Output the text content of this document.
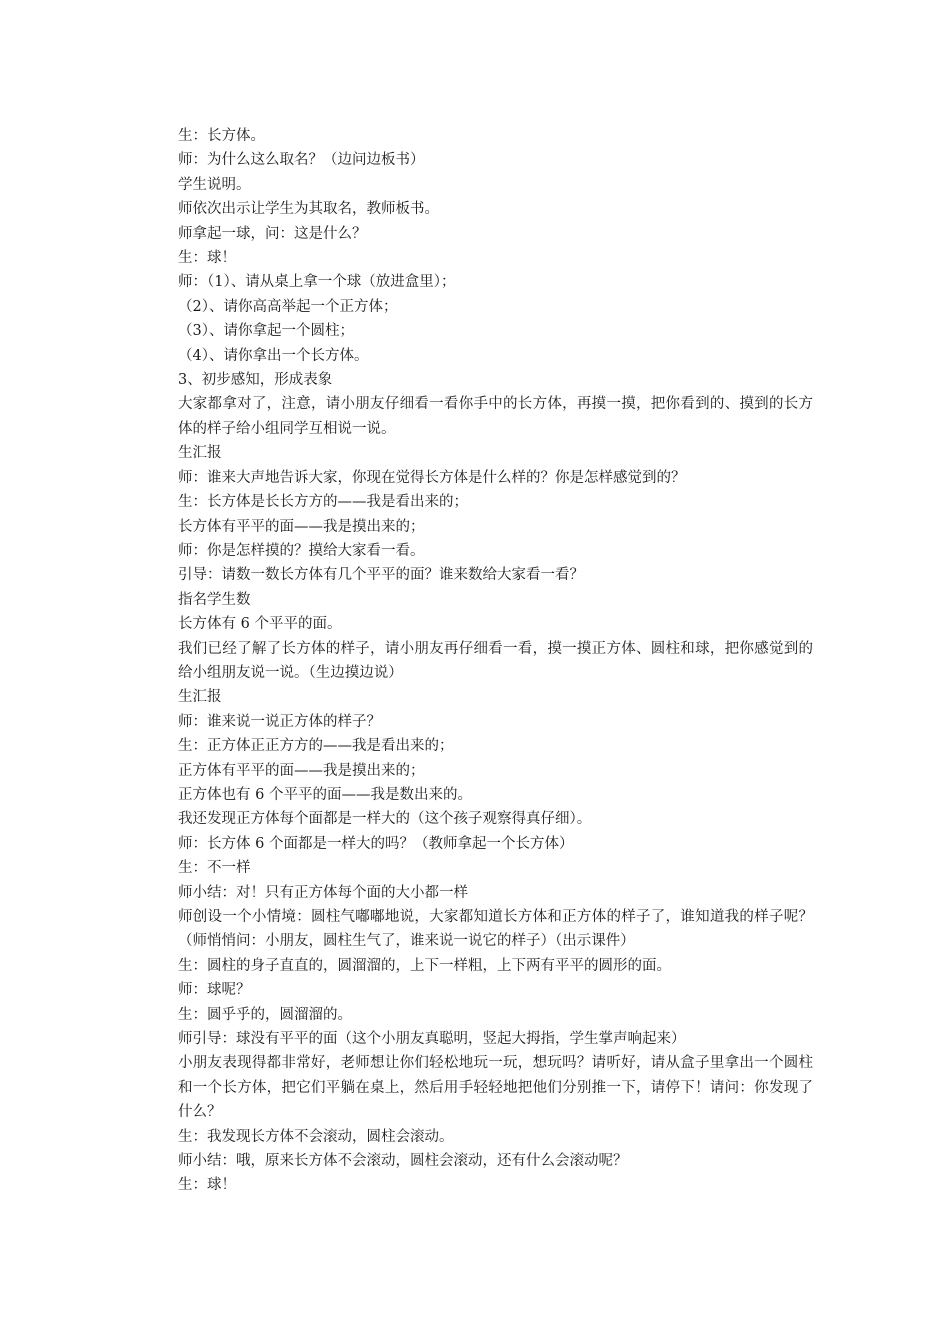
生：长方体。

师：为什么这么取名？（边问边板书）

学生说明。

师依次出示让学生为其取名，教师板书。

师拿起一球，问：这是什么？

生：球！

师：（1）、请从桌上拿一个球（放进盒里）；

（2）、请你高高举起一个正方体；

（3）、请你拿起一个圆柱；

（4）、请你拿出一个长方体。

3、初步感知，形成表象

大家都拿对了，注意，请小朋友仔细看一看你手中的长方体，再摸一摸，把你看到的、摸到的长方体的样子给小组同学互相说一说。

生汇报

师：谁来大声地告诉大家，你现在觉得长方体是什么样的？你是怎样感觉到的？

生：长方体是长长方方的——我是看出来的；

长方体有平平的面——我是摸出来的；

师：你是怎样摸的？摸给大家看一看。

引导：请数一数长方体有几个平平的面？谁来数给大家看一看？

指名学生数

长方体有 6 个平平的面。

我们已经了解了长方体的样子，请小朋友再仔细看一看，摸一摸正方体、圆柱和球，把你感觉到的给小组朋友说一说。（生边摸边说）

生汇报

师：谁来说一说正方体的样子？

生：正方体正正方方的——我是看出来的；

正方体有平平的面——我是摸出来的；

正方体也有 6 个平平的面——我是数出来的。

我还发现正方体每个面都是一样大的（这个孩子观察得真仔细）。

师：长方体 6 个面都是一样大的吗？（教师拿起一个长方体）

生：不一样

师小结：对！只有正方体每个面的大小都一样

师创设一个小情境：圆柱气嘟嘟地说，大家都知道长方体和正方体的样子了，谁知道我的样子呢？（师悄悄问：小朋友，圆柱生气了，谁来说一说它的样子）（出示课件）

生：圆柱的身子直直的，圆溜溜的，上下一样粗，上下两有平平的圆形的面。

师：球呢？

生：圆乎乎的，圆溜溜的。

师引导：球没有平平的面（这个小朋友真聪明，竖起大拇指，学生掌声响起来）

小朋友表现得都非常好，老师想让你们轻松地玩一玩，想玩吗？请听好，请从盒子里拿出一个圆柱和一个长方体，把它们平躺在桌上，然后用手轻轻地把他们分别推一下，请停下！请问：你发现了什么？

生：我发现长方体不会滚动，圆柱会滚动。

师小结：哦，原来长方体不会滚动，圆柱会滚动，还有什么会滚动呢？

生：球！
